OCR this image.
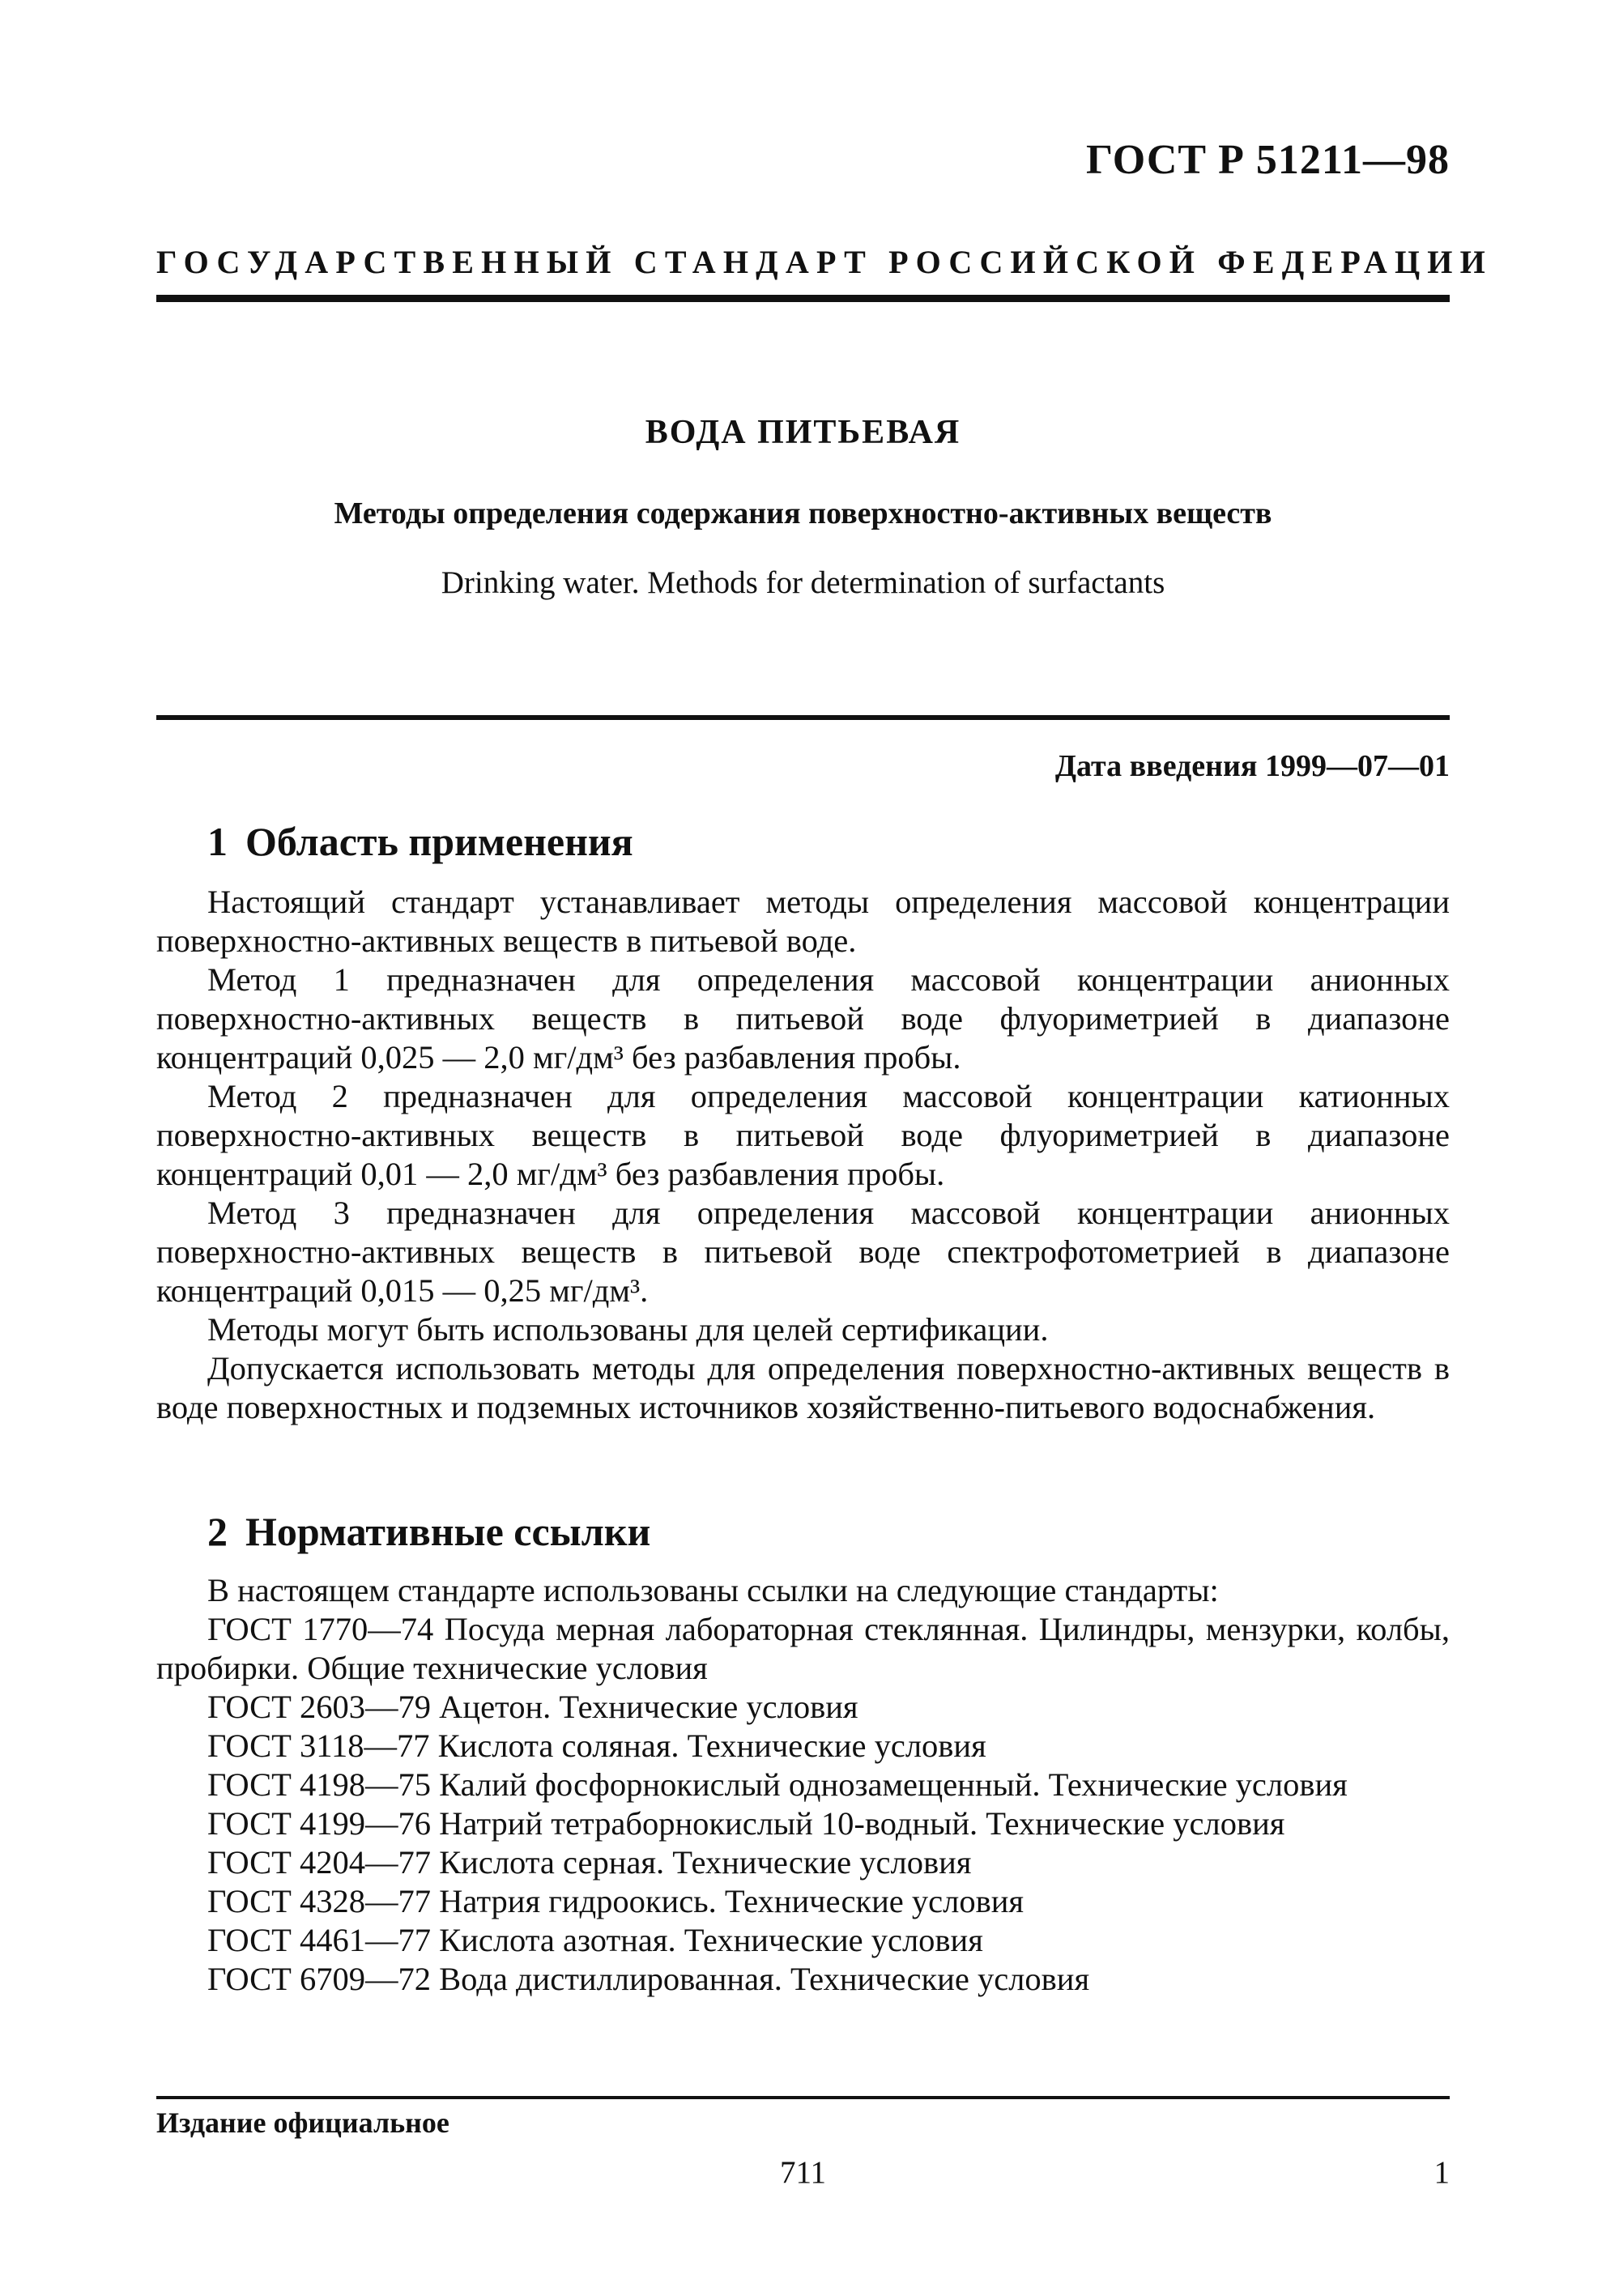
ГОСТ Р 51211—98
ГОСУДАРСТВЕННЫЙ СТАНДАРТ РОССИЙСКОЙ ФЕДЕРАЦИИ
ВОДА ПИТЬЕВАЯ
Методы определения содержания поверхностно-активных веществ
Drinking water. Methods for determination of surfactants
Дата введения 1999—07—01
1 Область применения

Настоящий стандарт устанавливает методы определения массовой концентрации поверхностно-активных веществ в питьевой воде.

Метод 1 предназначен для определения массовой концентрации анионных поверхностно-активных веществ в питьевой воде флуориметрией в диапазоне концентраций 0,025 — 2,0 мг/дм³ без разбавления пробы.

Метод 2 предназначен для определения массовой концентрации катионных поверхностно-активных веществ в питьевой воде флуориметрией в диапазоне концентраций 0,01 — 2,0 мг/дм³ без разбавления пробы.

Метод 3 предназначен для определения массовой концентрации анионных поверхностно-активных веществ в питьевой воде спектрофотометрией в диапазоне концентраций 0,015 — 0,25 мг/дм³.

Методы могут быть использованы для целей сертификации.

Допускается использовать методы для определения поверхностно-активных веществ в воде поверхностных и подземных источников хозяйственно-питьевого водоснабжения.

2 Нормативные ссылки

В настоящем стандарте использованы ссылки на следующие стандарты:

ГОСТ 1770—74 Посуда мерная лабораторная стеклянная. Цилиндры, мензурки, колбы, пробирки. Общие технические условия

ГОСТ 2603—79 Ацетон. Технические условия

ГОСТ 3118—77 Кислота соляная. Технические условия

ГОСТ 4198—75 Калий фосфорнокислый однозамещенный. Технические условия

ГОСТ 4199—76 Натрий тетраборнокислый 10-водный. Технические условия

ГОСТ 4204—77 Кислота серная. Технические условия

ГОСТ 4328—77 Натрия гидроокись. Технические условия

ГОСТ 4461—77 Кислота азотная. Технические условия

ГОСТ 6709—72 Вода дистиллированная. Технические условия

Издание официальное
711	1
